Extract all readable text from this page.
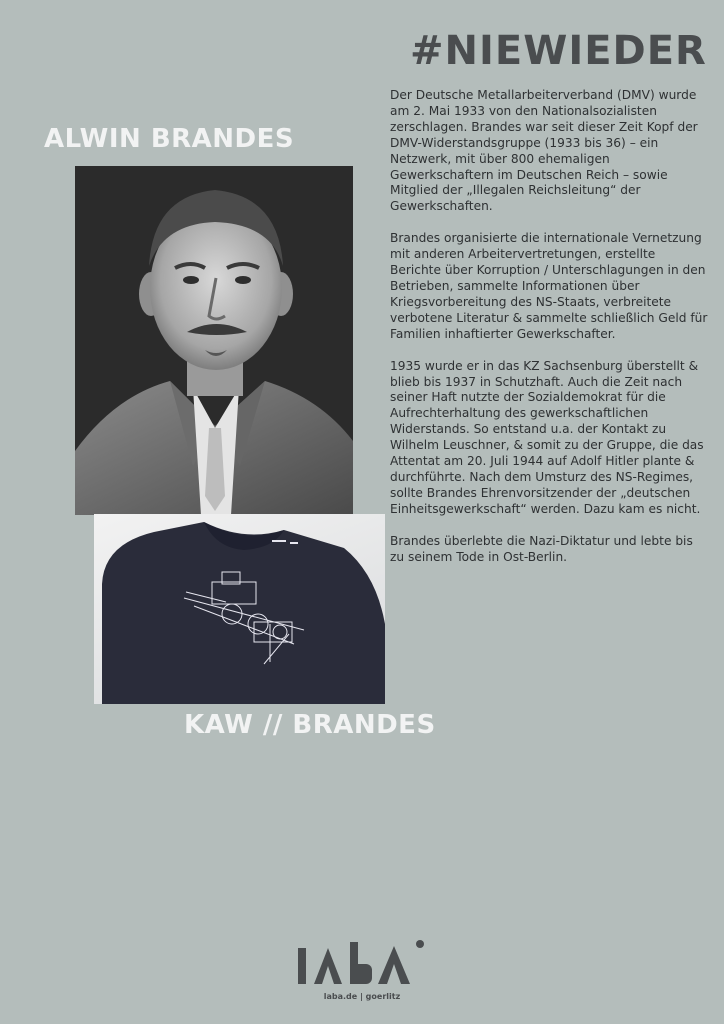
#NIEWIEDER
ALWIN BRANDES
KAW // BRANDES

Der Deutsche Metallarbeiterverband (DMV) wurde am 2. Mai 1933 von den Nationalsozialisten zerschlagen. Brandes war seit dieser Zeit Kopf der DMV-Widerstandsgruppe (1933 bis 36) – ein Netzwerk, mit über 800 ehemaligen Gewerkschaftern im Deutschen Reich – sowie Mitglied der „Illegalen Reichsleitung“ der Gewerkschaften.

Brandes organisierte die internationale Vernetzung mit anderen Arbeitervertretungen, erstellte Berichte über Korruption / Unterschlagungen in den Betrieben, sammelte Informationen über Kriegsvorbereitung des NS-Staats, verbreitete verbotene Literatur & sammelte schließlich Geld für Familien inhaftierter Gewerkschafter.

1935 wurde er in das KZ Sachsenburg überstellt & blieb bis 1937 in Schutzhaft. Auch die Zeit nach seiner Haft nutzte der Sozialdemokrat für die Aufrechterhaltung des gewerkschaftlichen Widerstands. So entstand u.a. der Kontakt zu Wilhelm Leuschner, & somit zu der Gruppe, die das Attentat am 20. Juli 1944 auf Adolf Hitler plante & durchführte. Nach dem Umsturz des NS-Regimes, sollte Brandes Ehrenvorsitzender der „deutschen Einheitsgewerkschaft“ werden. Dazu kam es nicht.

Brandes überlebte die Nazi-Diktatur und lebte bis zu seinem Tode in Ost-Berlin.

laba.de | goerlitz
